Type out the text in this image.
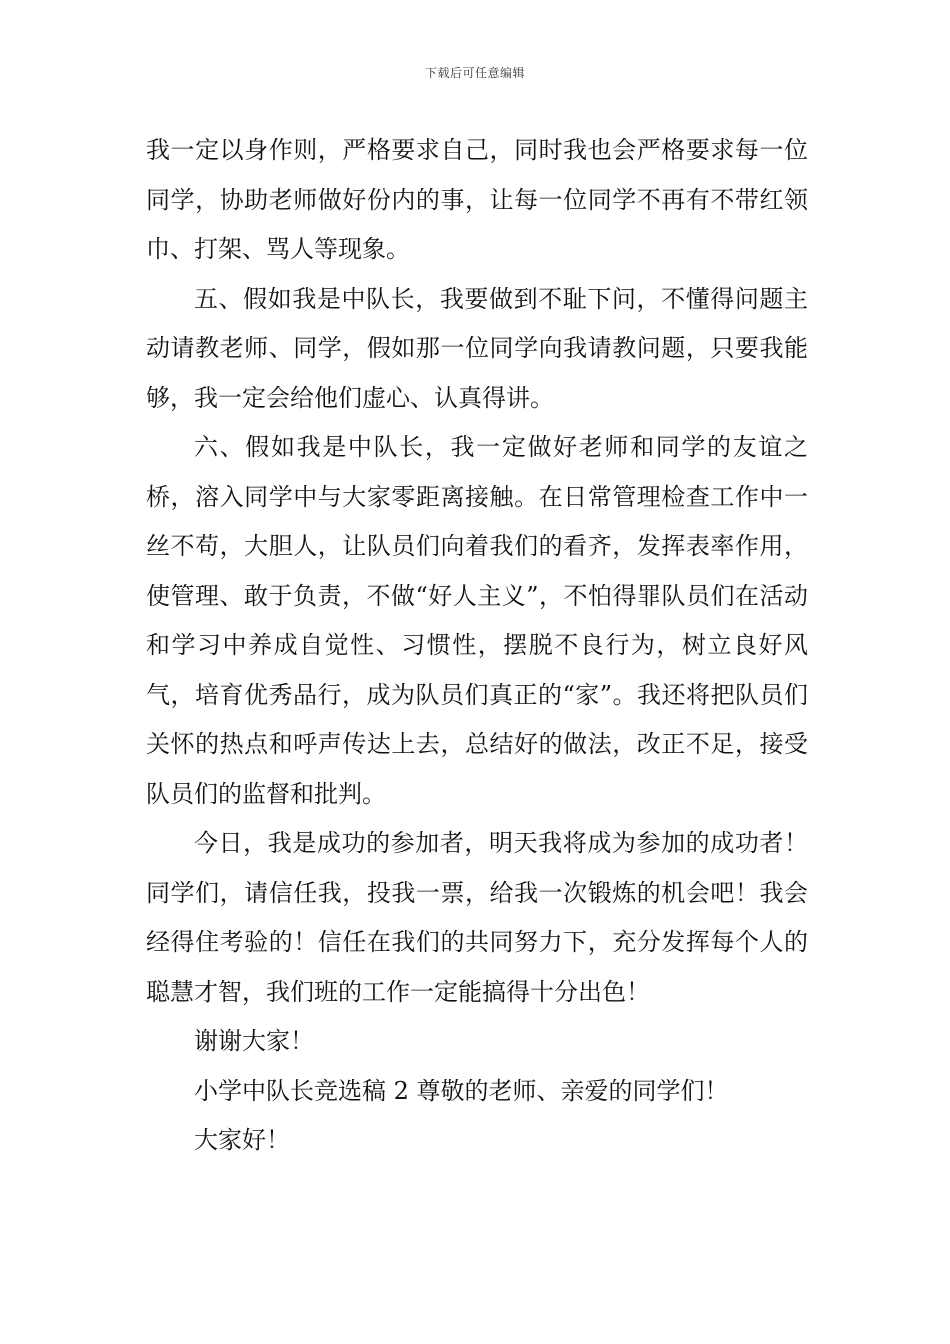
下载后可任意编辑

我一定以身作则，严格要求自己，同时我也会严格要求每一位同学，协助老师做好份内的事，让每一位同学不再有不带红领巾、打架、骂人等现象。

五、假如我是中队长，我要做到不耻下问，不懂得问题主动请教老师、同学，假如那一位同学向我请教问题，只要我能够，我一定会给他们虚心、认真得讲。

六、假如我是中队长，我一定做好老师和同学的友谊之桥，溶入同学中与大家零距离接触。在日常管理检查工作中一丝不苟，大胆人，让队员们向着我们的看齐，发挥表率作用，使管理、敢于负责，不做“好人主义”，不怕得罪队员们在活动和学习中养成自觉性、习惯性，摆脱不良行为，树立良好风气，培育优秀品行，成为队员们真正的“家”。我还将把队员们关怀的热点和呼声传达上去，总结好的做法，改正不足，接受队员们的监督和批判。

今日，我是成功的参加者，明天我将成为参加的成功者！同学们，请信任我，投我一票，给我一次锻炼的机会吧！我会经得住考验的！信任在我们的共同努力下，充分发挥每个人的聪慧才智，我们班的工作一定能搞得十分出色！

谢谢大家！

小学中队长竞选稿 2 尊敬的老师、亲爱的同学们！

大家好！
